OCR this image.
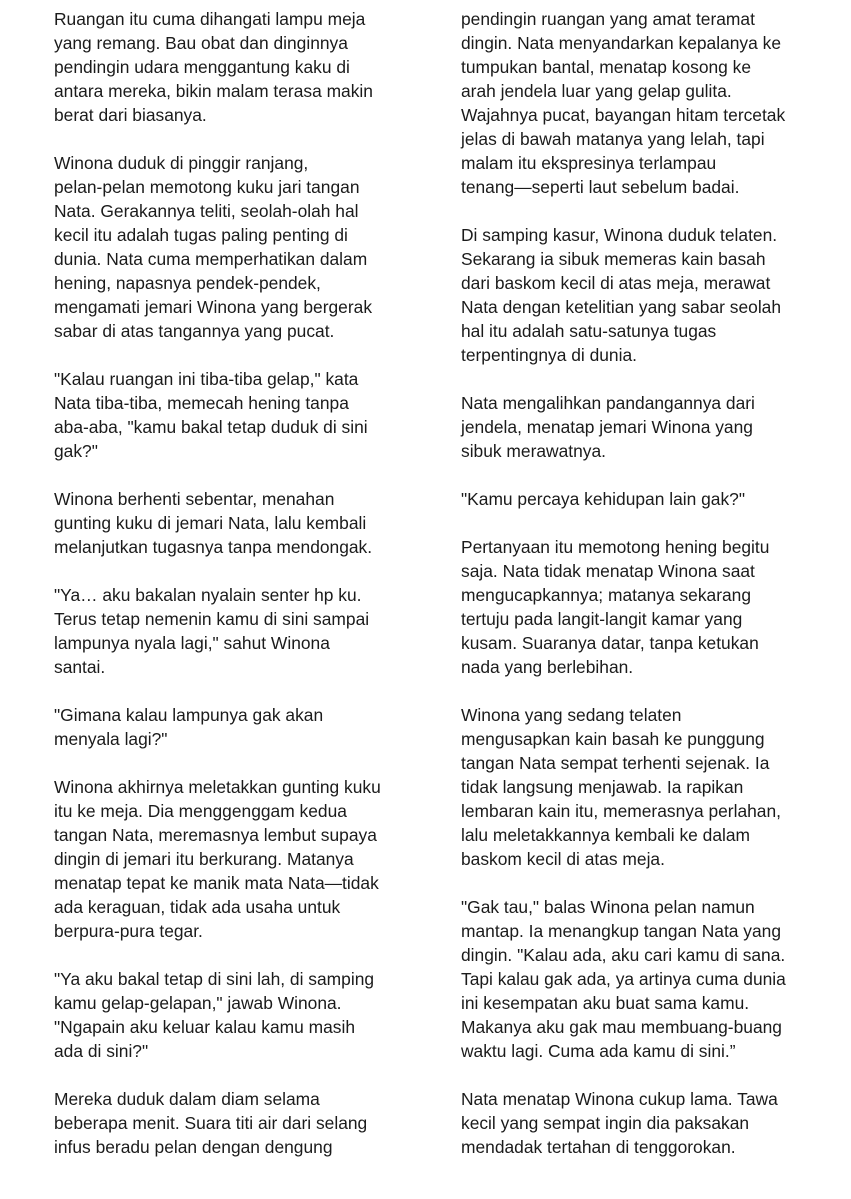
Ruangan itu cuma dihangati lampu meja
yang remang. Bau obat dan dinginnya
pendingin udara menggantung kaku di
antara mereka, bikin malam terasa makin
berat dari biasanya.

Winona duduk di pinggir ranjang,
pelan-pelan memotong kuku jari tangan
Nata. Gerakannya teliti, seolah-olah hal
kecil itu adalah tugas paling penting di
dunia. Nata cuma memperhatikan dalam
hening, napasnya pendek-pendek,
mengamati jemari Winona yang bergerak
sabar di atas tangannya yang pucat.

"Kalau ruangan ini tiba-tiba gelap," kata
Nata tiba-tiba, memecah hening tanpa
aba-aba, "kamu bakal tetap duduk di sini
gak?"

Winona berhenti sebentar, menahan
gunting kuku di jemari Nata, lalu kembali
melanjutkan tugasnya tanpa mendongak.

"Ya… aku bakalan nyalain senter hp ku.
Terus tetap nemenin kamu di sini sampai
lampunya nyala lagi," sahut Winona
santai.

"Gimana kalau lampunya gak akan
menyala lagi?"

Winona akhirnya meletakkan gunting kuku
itu ke meja. Dia menggenggam kedua
tangan Nata, meremasnya lembut supaya
dingin di jemari itu berkurang. Matanya
menatap tepat ke manik mata Nata—tidak
ada keraguan, tidak ada usaha untuk
berpura-pura tegar.

"Ya aku bakal tetap di sini lah, di samping
kamu gelap-gelapan," jawab Winona.
"Ngapain aku keluar kalau kamu masih
ada di sini?"

Mereka duduk dalam diam selama
beberapa menit. Suara titi air dari selang
infus beradu pelan dengan dengung

pendingin ruangan yang amat teramat
dingin. Nata menyandarkan kepalanya ke
tumpukan bantal, menatap kosong ke
arah jendela luar yang gelap gulita.
Wajahnya pucat, bayangan hitam tercetak
jelas di bawah matanya yang lelah, tapi
malam itu ekspresinya terlampau
tenang—seperti laut sebelum badai.

Di samping kasur, Winona duduk telaten.
Sekarang ia sibuk memeras kain basah
dari baskom kecil di atas meja, merawat
Nata dengan ketelitian yang sabar seolah
hal itu adalah satu-satunya tugas
terpentingnya di dunia.

Nata mengalihkan pandangannya dari
jendela, menatap jemari Winona yang
sibuk merawatnya.

"Kamu percaya kehidupan lain gak?"

Pertanyaan itu memotong hening begitu
saja. Nata tidak menatap Winona saat
mengucapkannya; matanya sekarang
tertuju pada langit-langit kamar yang
kusam. Suaranya datar, tanpa ketukan
nada yang berlebihan.

Winona yang sedang telaten
mengusapkan kain basah ke punggung
tangan Nata sempat terhenti sejenak. Ia
tidak langsung menjawab. Ia rapikan
lembaran kain itu, memerasnya perlahan,
lalu meletakkannya kembali ke dalam
baskom kecil di atas meja.

"Gak tau," balas Winona pelan namun
mantap. Ia menangkup tangan Nata yang
dingin. "Kalau ada, aku cari kamu di sana.
Tapi kalau gak ada, ya artinya cuma dunia
ini kesempatan aku buat sama kamu.
Makanya aku gak mau membuang-buang
waktu lagi. Cuma ada kamu di sini.”

Nata menatap Winona cukup lama. Tawa
kecil yang sempat ingin dia paksakan
mendadak tertahan di tenggorokan.
